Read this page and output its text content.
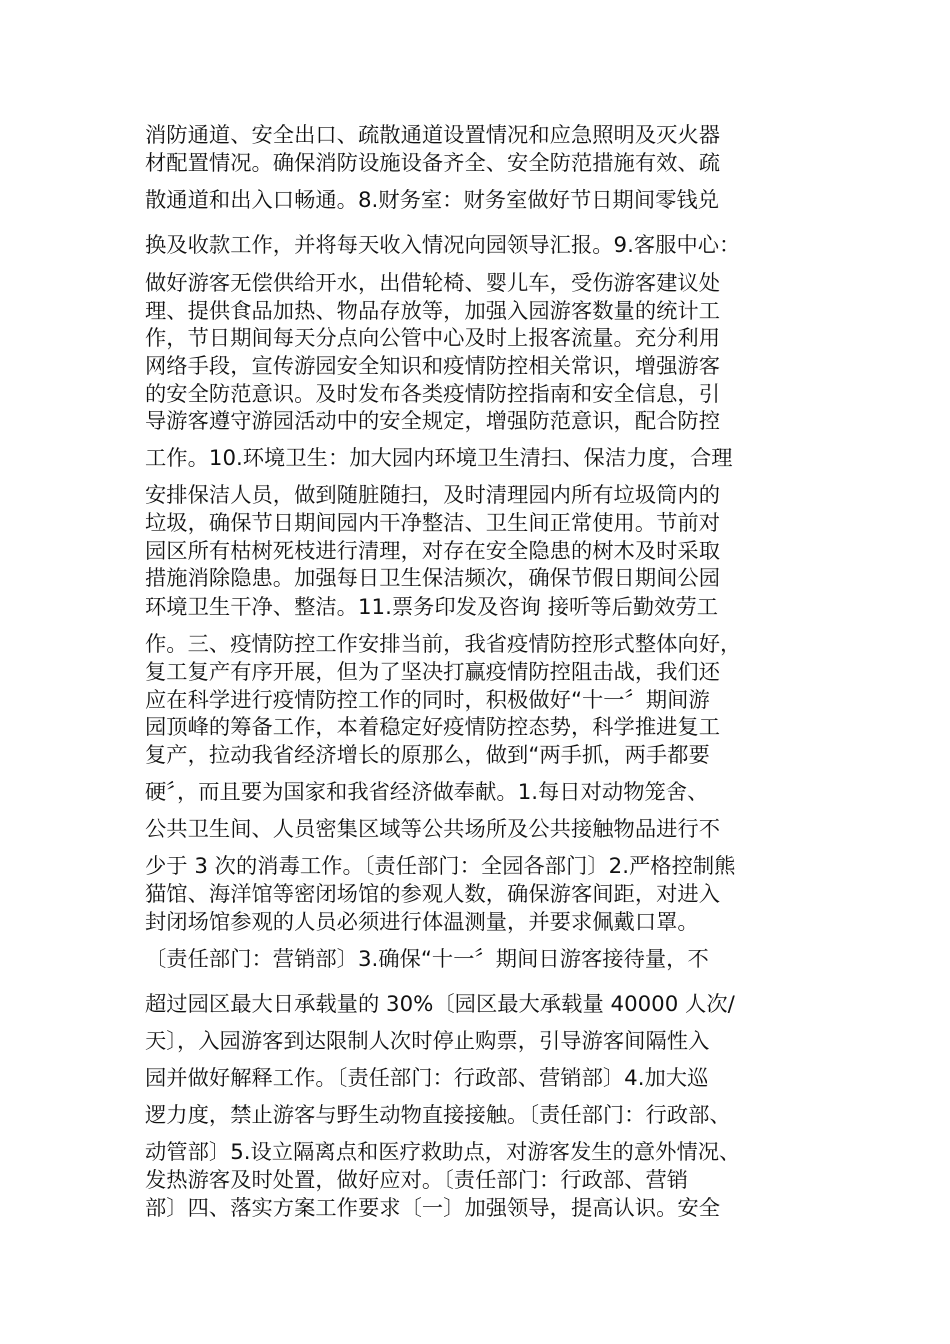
消防通道、安全出口、疏散通道设置情况和应急照明及灭火器
材配置情况。确保消防设施设备齐全、安全防范措施有效、疏
散通道和出入口畅通。8.财务室：财务室做好节日期间零钱兑
换及收款工作，并将每天收入情况向园领导汇报。9.客服中心：
做好游客无偿供给开水，出借轮椅、婴儿车，受伤游客建议处
理、提供食品加热、物品存放等，加强入园游客数量的统计工
作，节日期间每天分点向公管中心及时上报客流量。充分利用
网络手段，宣传游园安全知识和疫情防控相关常识，增强游客
的安全防范意识。及时发布各类疫情防控指南和安全信息，引
导游客遵守游园活动中的安全规定，增强防范意识，配合防控
工作。10.环境卫生：加大园内环境卫生清扫、保洁力度，合理
安排保洁人员，做到随脏随扫，及时清理园内所有垃圾筒内的
垃圾，确保节日期间园内干净整洁、卫生间正常使用。节前对
园区所有枯树死枝进行清理，对存在安全隐患的树木及时采取
措施消除隐患。加强每日卫生保洁频次，确保节假日期间公园
环境卫生干净、整洁。11.票务印发及咨询 接听等后勤效劳工
作。三、疫情防控工作安排当前，我省疫情防控形式整体向好，
复工复产有序开展，但为了坚决打赢疫情防控阻击战，我们还
应在科学进行疫情防控工作的同时，积极做好“十一〞期间游
园顶峰的筹备工作，本着稳定好疫情防控态势，科学推进复工
复产，拉动我省经济增长的原那么，做到“两手抓，两手都要
硬〞，而且要为国家和我省经济做奉献。1.每日对动物笼舍、
公共卫生间、人员密集区域等公共场所及公共接触物品进行不
少于 3 次的消毒工作。〔责任部门：全园各部门〕2.严格控制熊
猫馆、海洋馆等密闭场馆的参观人数，确保游客间距，对进入
封闭场馆参观的人员必须进行体温测量，并要求佩戴口罩。
〔责任部门：营销部〕3.确保“十一〞期间日游客接待量，不
超过园区最大日承载量的 30%〔园区最大承载量 40000 人次/
天〕，入园游客到达限制人次时停止购票，引导游客间隔性入
园并做好解释工作。〔责任部门：行政部、营销部〕4.加大巡
逻力度，禁止游客与野生动物直接接触。〔责任部门：行政部、
动管部〕5.设立隔离点和医疗救助点，对游客发生的意外情况、
发热游客及时处置，做好应对。〔责任部门：行政部、营销
部〕四、落实方案工作要求〔一〕加强领导，提高认识。安全
